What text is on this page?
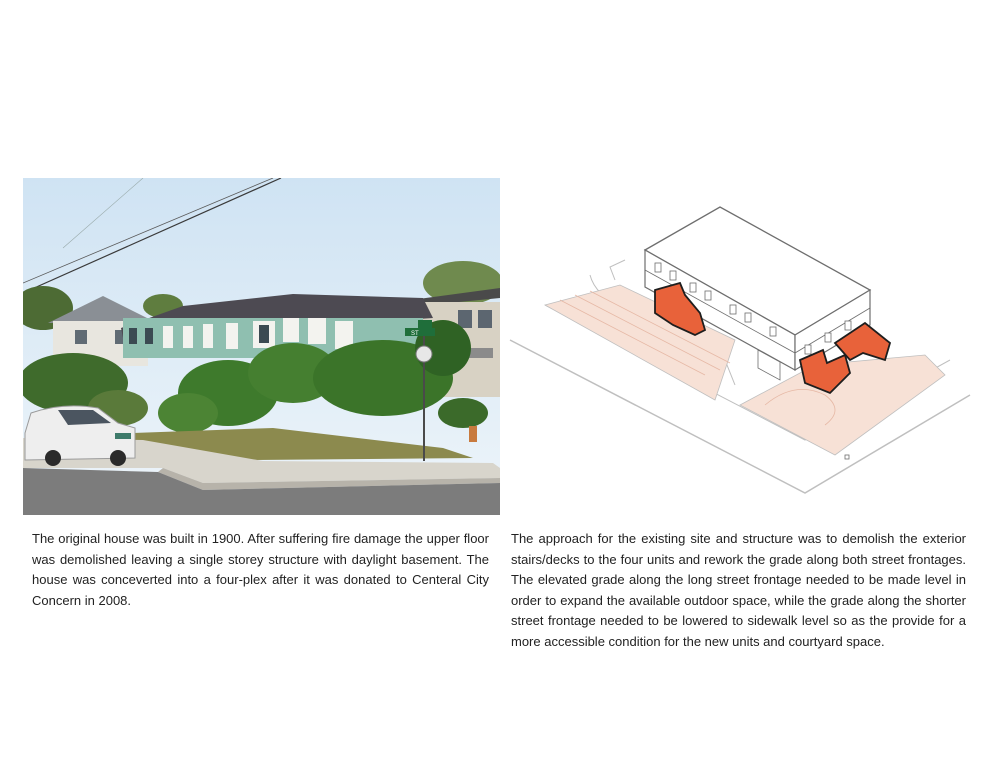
ST

The original house was built in 1900. After suffering fire damage the upper floor was demolished leaving a single storey structure with daylight basement. The house was conceverted into a four-plex after it was donated to Centeral City Concern in 2008.

The approach for the existing site and structure was to demolish the exterior stairs/decks to the four units and rework the grade along both street frontages. The elevated grade along the long street frontage needed to be made level in order to expand the available outdoor space, while the grade along the shorter street frontage needed to be lowered to sidewalk level so as the provide for a more accessible condition for the new units and courtyard space.
